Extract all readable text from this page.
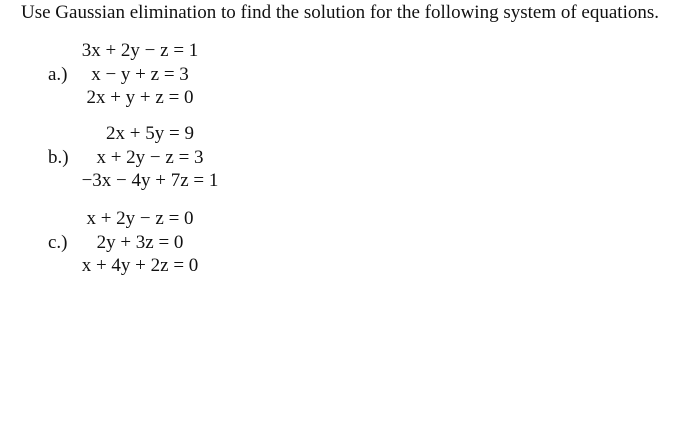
Use Gaussian elimination to find the solution for the following system of equations.
a.)
3x + 2y − z = 1
x − y + z = 3
2x + y + z = 0
b.)
2x + 5y = 9
x + 2y − z = 3
−3x − 4y + 7z = 1
c.)
x + 2y − z = 0
2y + 3z = 0
x + 4y + 2z = 0
